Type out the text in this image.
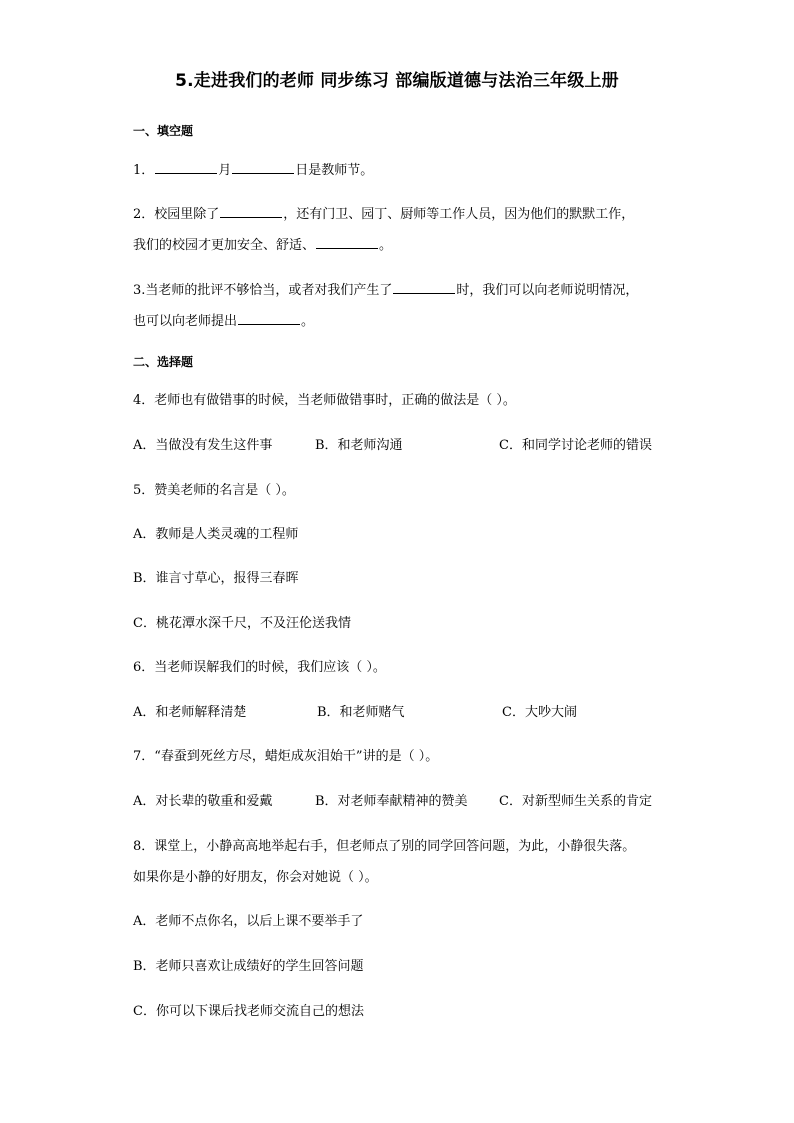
5.走进我们的老师 同步练习 部编版道德与法治三年级上册
一、填空题
1．	月	日是教师节。
2．校园里除了	，还有门卫、园丁、厨师等工作人员，因为他们的默默工作，
我们的校园才更加安全、舒适、	。
3.当老师的批评不够恰当，或者对我们产生了	时，我们可以向老师说明情况，
也可以向老师提出	。
二、选择题
4．老师也有做错事的时候，当老师做错事时，正确的做法是（ ）。
A．当做没有发生这件事	B．和老师沟通	C．和同学讨论老师的错误
5．赞美老师的名言是（ ）。
A．教师是人类灵魂的工程师
B．谁言寸草心，报得三春晖
C．桃花潭水深千尺，不及汪伦送我情
6．当老师误解我们的时候，我们应该（ ）。
A．和老师解释清楚	B．和老师赌气	C．大吵大闹
7．“春蚕到死丝方尽，蜡炬成灰泪始干”讲的是（ ）。
A．对长辈的敬重和爱戴	B．对老师奉献精神的赞美 C．对新型师生关系的肯定
8．课堂上，小静高高地举起右手，但老师点了别的同学回答问题，为此，小静很失落。
如果你是小静的好朋友，你会对她说（ ）。
A．老师不点你名，以后上课不要举手了
B．老师只喜欢让成绩好的学生回答问题
C．你可以下课后找老师交流自己的想法
